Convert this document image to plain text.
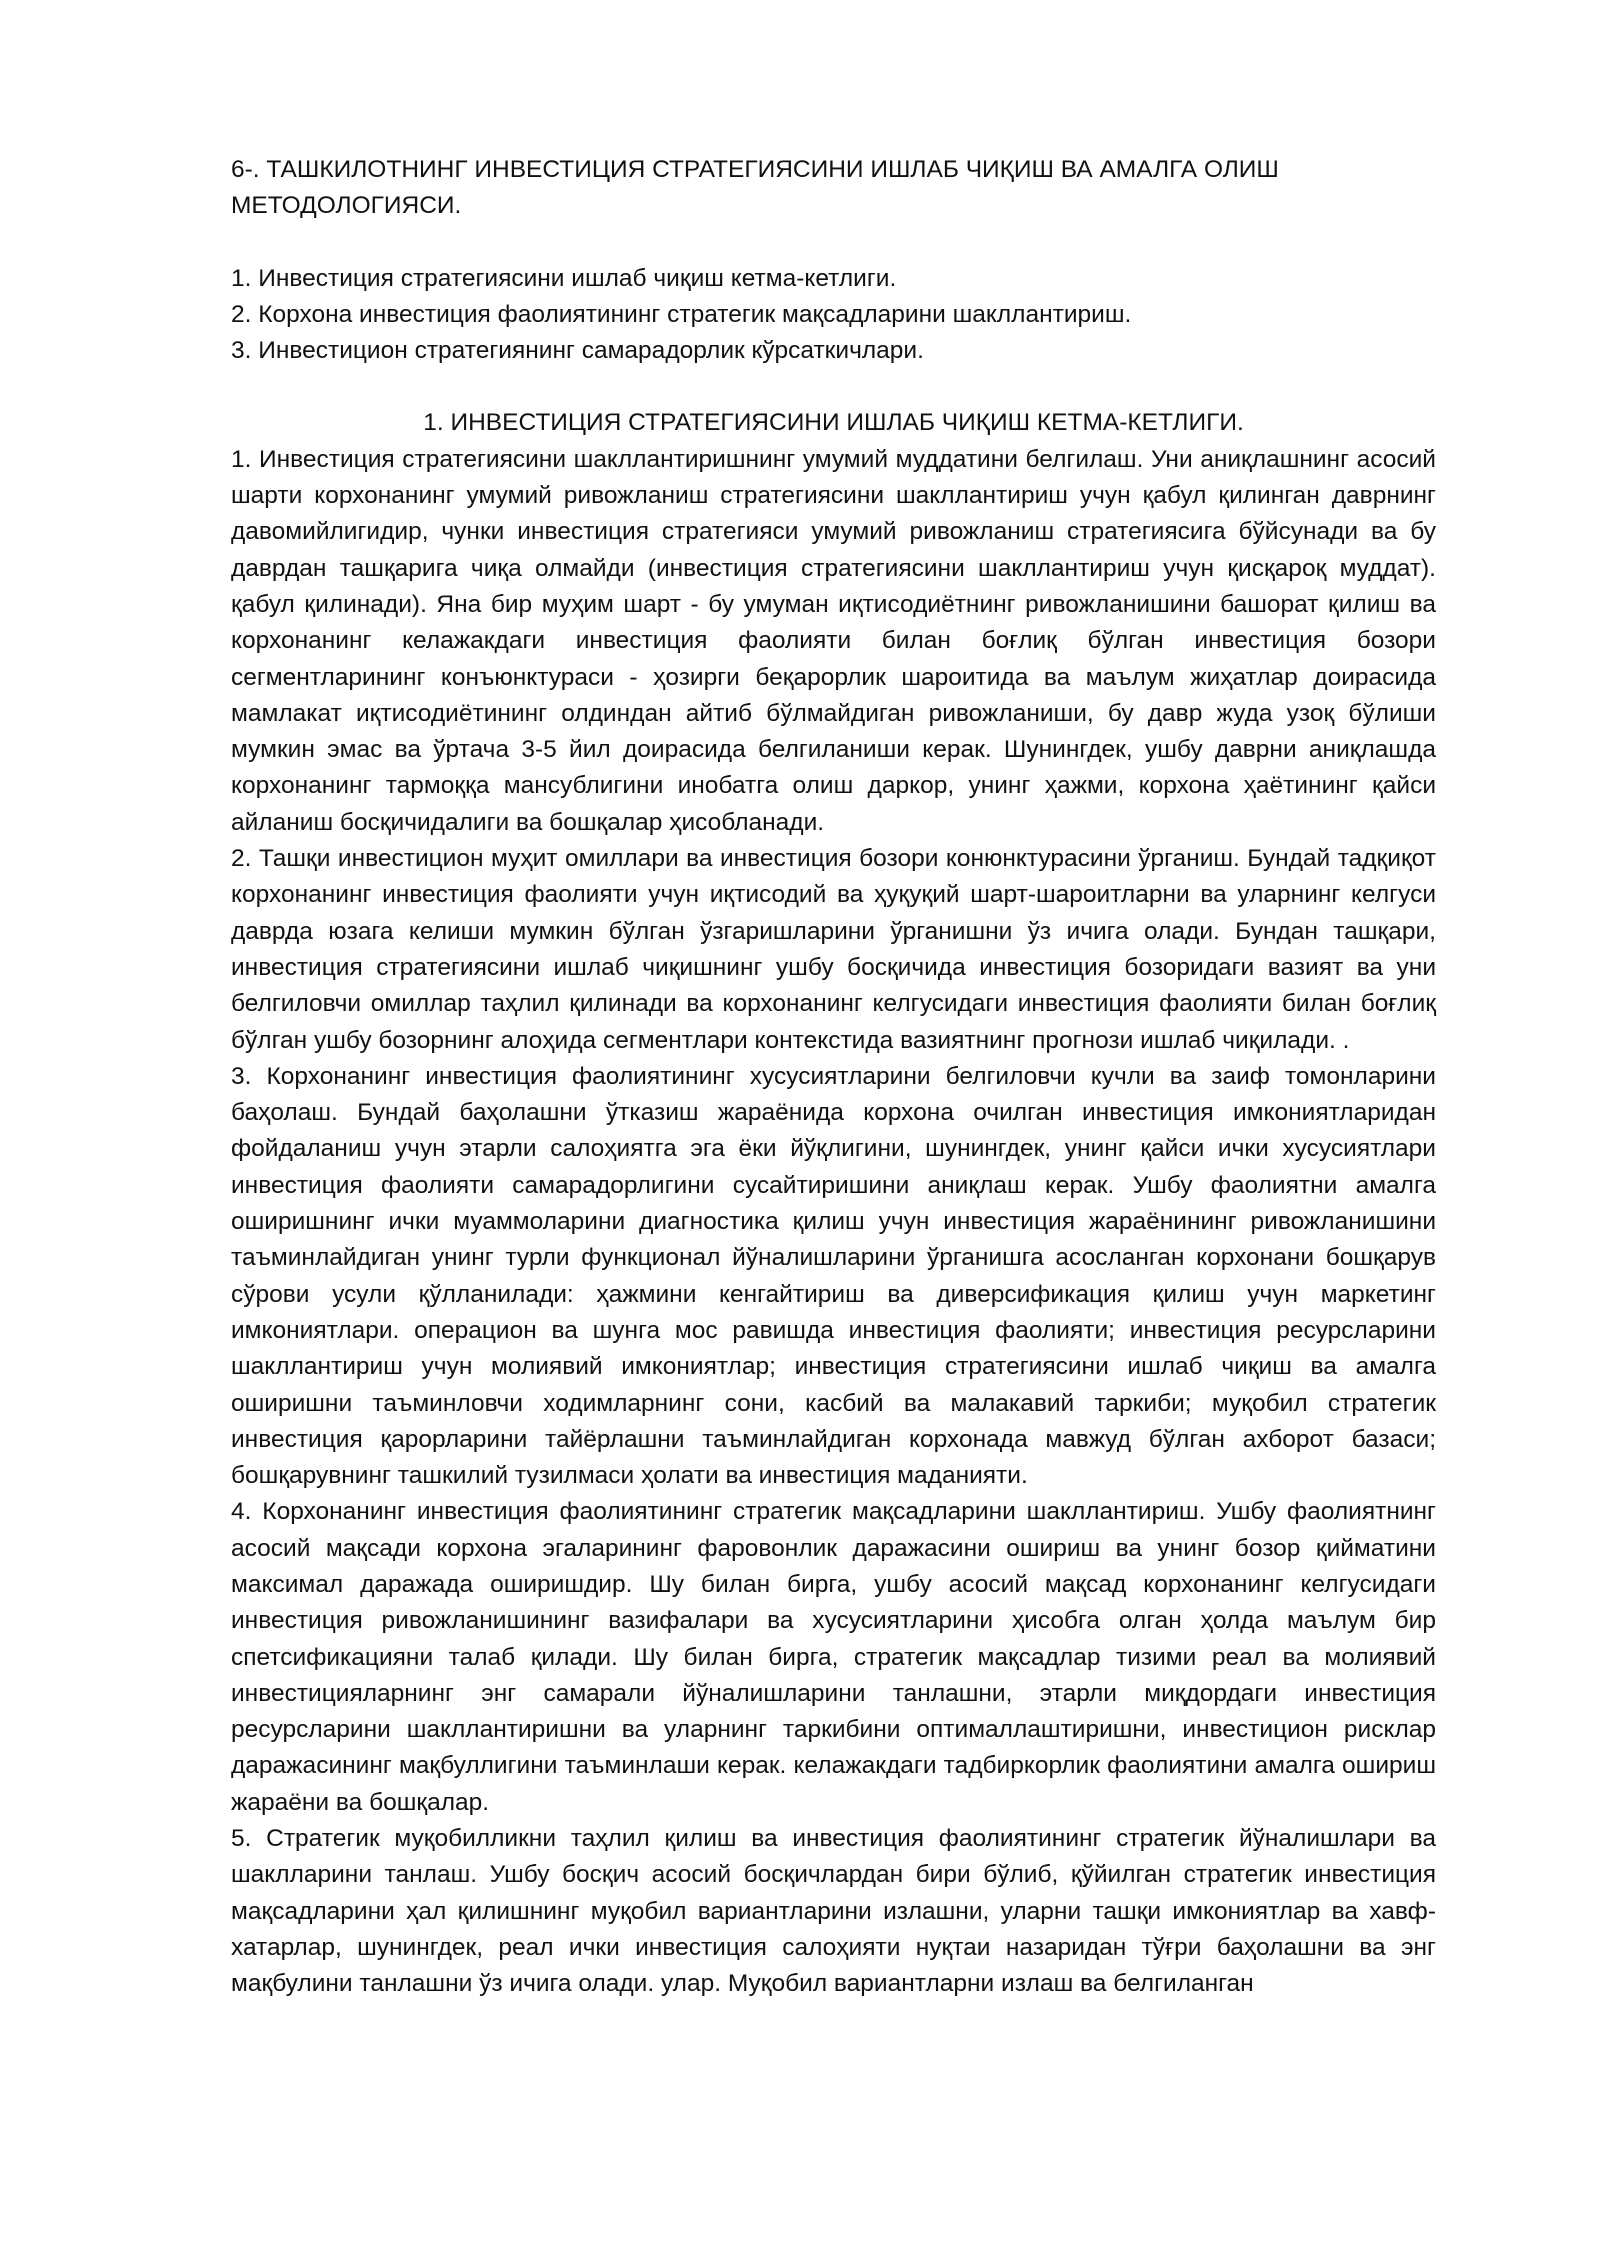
6-. ТАШКИЛОТНИНГ ИНВЕСТИЦИЯ СТРАТЕГИЯСИНИ ИШЛАБ ЧИҚИШ ВА АМАЛГА ОЛИШ МЕТОДОЛОГИЯСИ.
1. Инвестиция стратегиясини ишлаб чиқиш кетма-кетлиги.
2. Корхона инвестиция фаолиятининг стратегик мақсадларини шакллантириш.
3. Инвестицион стратегиянинг самарадорлик кўрсаткичлари.
1. ИНВЕСТИЦИЯ СТРАТЕГИЯСИНИ ИШЛАБ ЧИҚИШ КЕТМА-КЕТЛИГИ.

1. Инвестиция стратегиясини шакллантиришнинг умумий муддатини белгилаш. Уни аниқлашнинг асосий шарти корхонанинг умумий ривожланиш стратегиясини шакллантириш учун қабул қилинган даврнинг давомийлигидир, чунки инвестиция стратегияси умумий ривожланиш стратегиясига бўйсунади ва бу даврдан ташқарига чиқа олмайди (инвестиция стратегиясини шакллантириш учун қисқароқ муддат). қабул қилинади). Яна бир муҳим шарт - бу умуман иқтисодиётнинг ривожланишини башорат қилиш ва корхонанинг келажакдаги инвестиция фаолияти билан боғлиқ бўлган инвестиция бозори сегментларининг конъюнктураси - ҳозирги беқарорлик шароитида ва маълум жиҳатлар доирасида мамлакат иқтисодиётининг олдиндан айтиб бўлмайдиган ривожланиши, бу давр жуда узоқ бўлиши мумкин эмас ва ўртача 3-5 йил доирасида белгиланиши керак. Шунингдек, ушбу даврни аниқлашда корхонанинг тармоққа мансублигини инобатга олиш даркор, унинг ҳажми, корхона ҳаётининг қайси айланиш босқичидалиги ва бошқалар ҳисобланади.

2. Ташқи инвестицион муҳит омиллари ва инвестиция бозори конюнктурасини ўрганиш. Бундай тадқиқот корхонанинг инвестиция фаолияти учун иқтисодий ва ҳуқуқий шарт-шароитларни ва уларнинг келгуси даврда юзага келиши мумкин бўлган ўзгаришларини ўрганишни ўз ичига олади. Бундан ташқари, инвестиция стратегиясини ишлаб чиқишнинг ушбу босқичида инвестиция бозоридаги вазият ва уни белгиловчи омиллар таҳлил қилинади ва корхонанинг келгусидаги инвестиция фаолияти билан боғлиқ бўлган ушбу бозорнинг алоҳида сегментлари контекстида вазиятнинг прогнози ишлаб чиқилади. .

3. Корхонанинг инвестиция фаолиятининг хусусиятларини белгиловчи кучли ва заиф томонларини баҳолаш. Бундай баҳолашни ўтказиш жараёнида корхона очилган инвестиция имкониятларидан фойдаланиш учун этарли салоҳиятга эга ёки йўқлигини, шунингдек, унинг қайси ички хусусиятлари инвестиция фаолияти самарадорлигини сусайтиришини аниқлаш керак. Ушбу фаолиятни амалга оширишнинг ички муаммоларини диагностика қилиш учун инвестиция жараёнининг ривожланишини таъминлайдиган унинг турли функционал йўналишларини ўрганишга асосланган корхонани бошқарув сўрови усули қўлланилади: ҳажмини кенгайтириш ва диверсификация қилиш учун маркетинг имкониятлари. операцион ва шунга мос равишда инвестиция фаолияти; инвестиция ресурсларини шакллантириш учун молиявий имкониятлар; инвестиция стратегиясини ишлаб чиқиш ва амалга оширишни таъминловчи ходимларнинг сони, касбий ва малакавий таркиби; муқобил стратегик инвестиция қарорларини тайёрлашни таъминлайдиган корхонада мавжуд бўлган ахборот базаси; бошқарувнинг ташкилий тузилмаси ҳолати ва инвестиция маданияти.

4. Корхонанинг инвестиция фаолиятининг стратегик мақсадларини шакллантириш. Ушбу фаолиятнинг асосий мақсади корхона эгаларининг фаровонлик даражасини ошириш ва унинг бозор қийматини максимал даражада оширишдир. Шу билан бирга, ушбу асосий мақсад корхонанинг келгусидаги инвестиция ривожланишининг вазифалари ва хусусиятларини ҳисобга олган ҳолда маълум бир спетсификацияни талаб қилади. Шу билан бирга, стратегик мақсадлар тизими реал ва молиявий инвестицияларнинг энг самарали йўналишларини танлашни, этарли миқдордаги инвестиция ресурсларини шакллантиришни ва уларнинг таркибини оптималлаштиришни, инвестицион рисклар даражасининг мақбуллигини таъминлаши керак. келажакдаги тадбиркорлик фаолиятини амалга ошириш жараёни ва бошқалар.

5. Стратегик муқобилликни таҳлил қилиш ва инвестиция фаолиятининг стратегик йўналишлари ва шаклларини танлаш. Ушбу босқич асосий босқичлардан бири бўлиб, қўйилган стратегик инвестиция мақсадларини ҳал қилишнинг муқобил вариантларини излашни, уларни ташқи имкониятлар ва хавф-хатарлар, шунингдек, реал ички инвестиция салоҳияти нуқтаи назаридан тўғри баҳолашни ва энг мақбулини танлашни ўз ичига олади. улар. Муқобил вариантларни излаш ва белгиланган
